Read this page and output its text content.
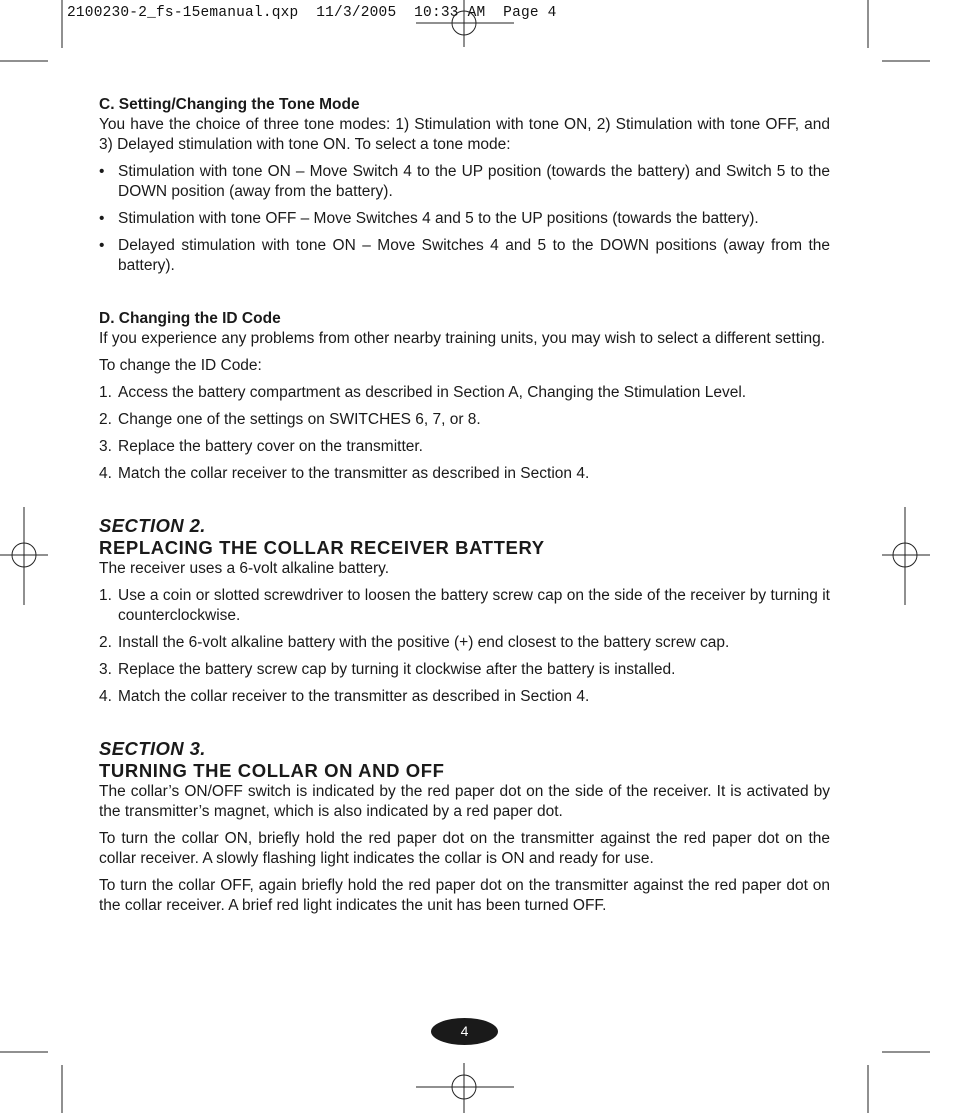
2100230-2_fs-15emanual.qxp  11/3/2005  10:33 AM  Page 4

C. Setting/Changing the Tone Mode

You have the choice of three tone modes: 1) Stimulation with tone ON, 2) Stimulation with tone OFF, and 3) Delayed stimulation with tone ON. To select a tone mode:

• Stimulation with tone ON – Move Switch 4 to the UP position (towards the battery) and Switch 5 to the DOWN position (away from the battery).
• Stimulation with tone OFF – Move Switches 4 and 5 to the UP positions (towards the battery).
• Delayed stimulation with tone ON – Move Switches 4 and 5 to the DOWN positions (away from the battery).

D. Changing the ID Code

If you experience any problems from other nearby training units, you may wish to select a different setting.

To change the ID Code:

1. Access the battery compartment as described in Section A, Changing the Stimulation Level.
2. Change one of the settings on SWITCHES 6, 7, or 8.
3. Replace the battery cover on the transmitter.
4. Match the collar receiver to the transmitter as described in Section 4.

SECTION 2.

REPLACING THE COLLAR RECEIVER BATTERY

The receiver uses a 6-volt alkaline battery.

1. Use a coin or slotted screwdriver to loosen the battery screw cap on the side of the receiver by turning it counterclockwise.
2. Install the 6-volt alkaline battery with the positive (+) end closest to the battery screw cap.
3. Replace the battery screw cap by turning it clockwise after the battery is installed.
4. Match the collar receiver to the transmitter as described in Section 4.

SECTION 3.

TURNING THE COLLAR ON AND OFF

The collar’s ON/OFF switch is indicated by the red paper dot on the side of the receiver. It is activated by the transmitter’s magnet, which is also indicated by a red paper dot.

To turn the collar ON, briefly hold the red paper dot on the transmitter against the red paper dot on the collar receiver. A slowly flashing light indicates the collar is ON and ready for use.

To turn the collar OFF, again briefly hold the red paper dot on the transmitter against the red paper dot on the collar receiver. A brief red light indicates the unit has been turned OFF.

4
